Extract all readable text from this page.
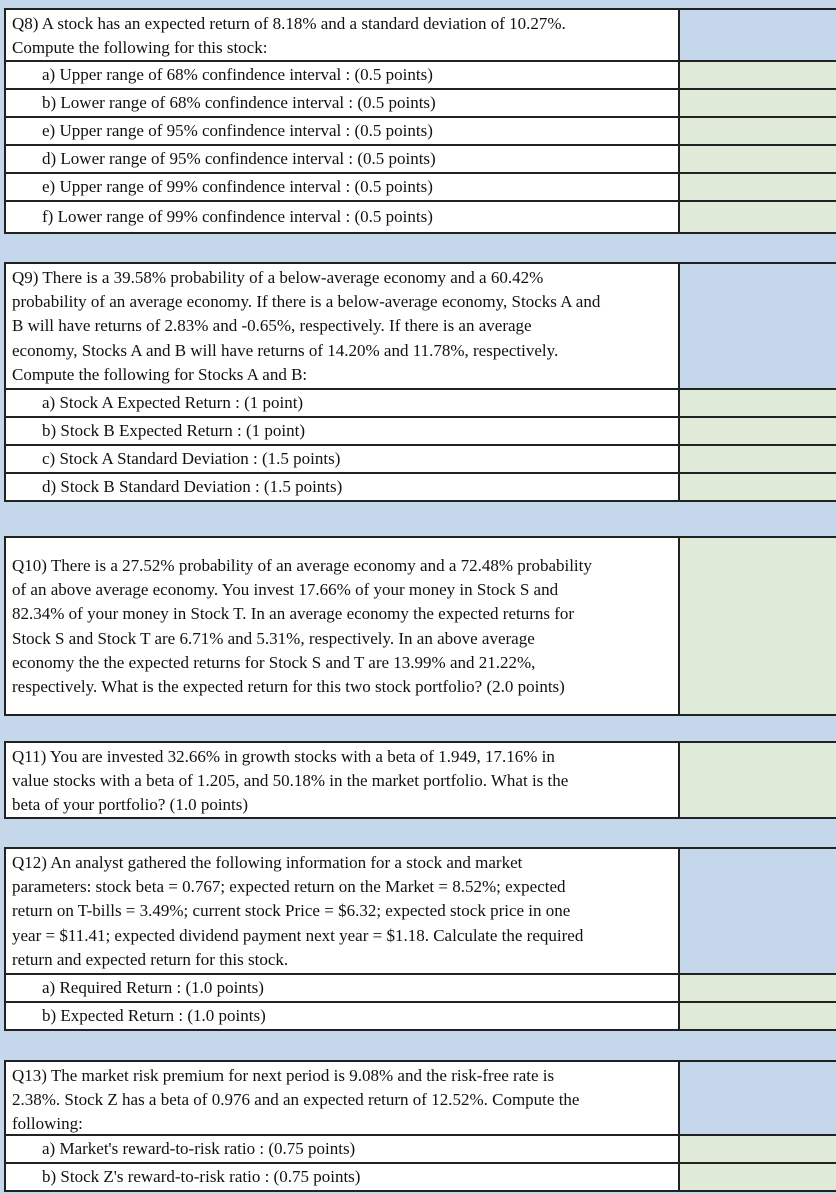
Q8) A stock has an expected return of 8.18% and a standard deviation of 10.27%.
Compute the following for this stock:
a) Upper range of 68% confindence interval : (0.5 points)
b) Lower range of 68% confindence interval : (0.5 points)
e) Upper range of 95% confindence interval : (0.5 points)
d) Lower range of 95% confindence interval : (0.5 points)
e) Upper range of 99% confindence interval : (0.5 points)
f) Lower range of 99% confindence interval : (0.5 points)
Q9) There is a 39.58% probability of a below-average economy and a 60.42%
probability of an average economy. If there is a below-average economy, Stocks A and
B will have returns of 2.83% and -0.65%, respectively. If there is an average
economy, Stocks A and B will have returns of 14.20% and 11.78%, respectively.
Compute the following for Stocks A and B:
a) Stock A Expected Return : (1 point)
b) Stock B Expected Return : (1 point)
c) Stock A Standard Deviation : (1.5 points)
d) Stock B Standard Deviation : (1.5 points)
Q10) There is a 27.52% probability of an average economy and a 72.48% probability
of an above average economy. You invest 17.66% of your money in Stock S and
82.34% of your money in Stock T. In an average economy the expected returns for
Stock S and Stock T are 6.71% and 5.31%, respectively. In an above average
economy the the expected returns for Stock S and T are 13.99% and 21.22%,
respectively. What is the expected return for this two stock portfolio? (2.0 points)
Q11) You are invested 32.66% in growth stocks with a beta of 1.949, 17.16% in
value stocks with a beta of 1.205, and 50.18% in the market portfolio. What is the
beta of your portfolio? (1.0 points)
Q12) An analyst gathered the following information for a stock and market
parameters: stock beta = 0.767; expected return on the Market = 8.52%; expected
return on T-bills = 3.49%; current stock Price = $6.32; expected stock price in one
year = $11.41; expected dividend payment next year = $1.18. Calculate the required
return and expected return for this stock.
a) Required Return : (1.0 points)
b) Expected Return : (1.0 points)
Q13) The market risk premium for next period is 9.08% and the risk-free rate is
2.38%. Stock Z has a beta of 0.976 and an expected return of 12.52%. Compute the
following:
a) Market's reward-to-risk ratio : (0.75 points)
b) Stock Z's reward-to-risk ratio : (0.75 points)
